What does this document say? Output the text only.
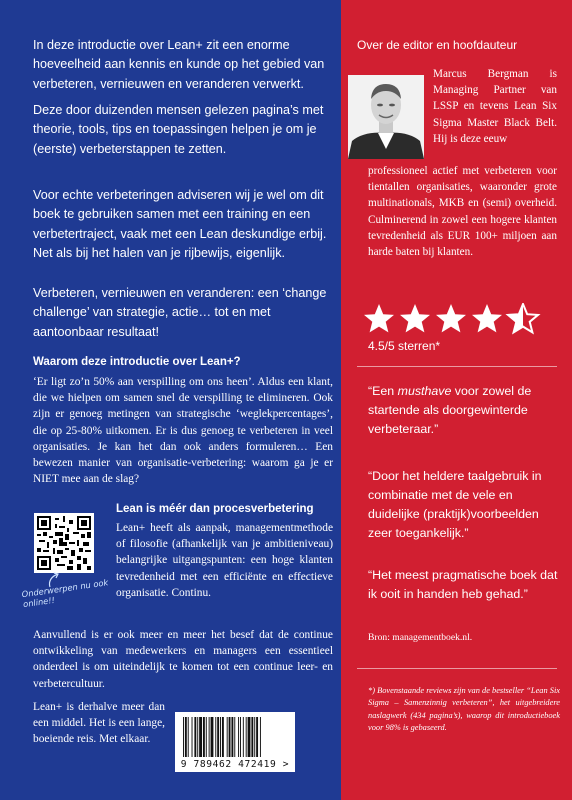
In deze introductie over Lean+ zit een enorme hoeveelheid aan kennis en kunde op het gebied van verbeteren, vernieuwen en veranderen verwerkt.

Deze door duizenden mensen gelezen pagina’s met theorie, tools, tips en toepassingen helpen je om je (eerste) verbeterstappen te zetten.

Voor echte verbeteringen adviseren wij je wel om dit boek te gebruiken samen met een training en een verbetertraject, vaak met een Lean deskundige erbij. Net als bij het halen van je rijbewijs, eigenlijk.

Verbeteren, vernieuwen en veranderen: een ‘change challenge’ van strategie, actie… tot en met aantoonbaar resultaat!

Waarom deze introductie over Lean+?
‘Er ligt zo’n 50% aan verspilling om ons heen’. Aldus een klant, die we hielpen om samen snel de verspilling te elimineren. Ook zijn er genoeg metingen van strategische ‘weglekpercentages’, die op 25-80% uitkomen. Er is dus genoeg te verbeteren in veel organisaties. Je kan het dan ook anders formuleren… Een bewezen manier van organisatie-verbetering: waarom ga je er NIET mee aan de slag?
Onderwerpen nu ook online!!
Lean is méér dan procesverbetering
Lean+ heeft als aanpak, managementmethode of filosofie (afhankelijk van je ambitieniveau) belangrijke uitgangspunten: een hoge klanten tevredenheid met een efficiënte en effectieve organisatie. Continu.
Aanvullend is er ook meer en meer het besef dat de continue ontwikkeling van medewerkers en managers een essentieel onderdeel is om uiteindelijk te komen tot een continue leer- en verbetercultuur.
Lean+ is derhalve meer dan een middel. Het is een lange, boeiende reis. Met elkaar.
9 789462 472419 >
Over de editor en hoofdauteur
Marcus Bergman is Managing Partner van LSSP en tevens Lean Six Sigma Master Black Belt. Hij is deze eeuw
professioneel actief met verbeteren voor tientallen organisaties, waaronder grote multinationals, MKB en (semi) overheid. Culminerend in zowel een hogere klanten tevredenheid als EUR 100+ miljoen aan harde baten bij klanten.
4.5/5 sterren*
“Een musthave voor zowel de startende als doorgewinterde verbeteraar.”
“Door het heldere taalgebruik in combinatie met de vele en duidelijke (praktijk)voorbeelden zeer toegankelijk.”
“Het meest pragmatische boek dat ik ooit in handen heb gehad.”
Bron: managementboek.nl.
*) Bovenstaande reviews zijn van de bestseller “Lean Six Sigma – Samenzinnig verbeteren”, het uitgebreidere naslagwerk (434 pagina’s), waarop dit introductieboek voor 98% is gebaseerd.
